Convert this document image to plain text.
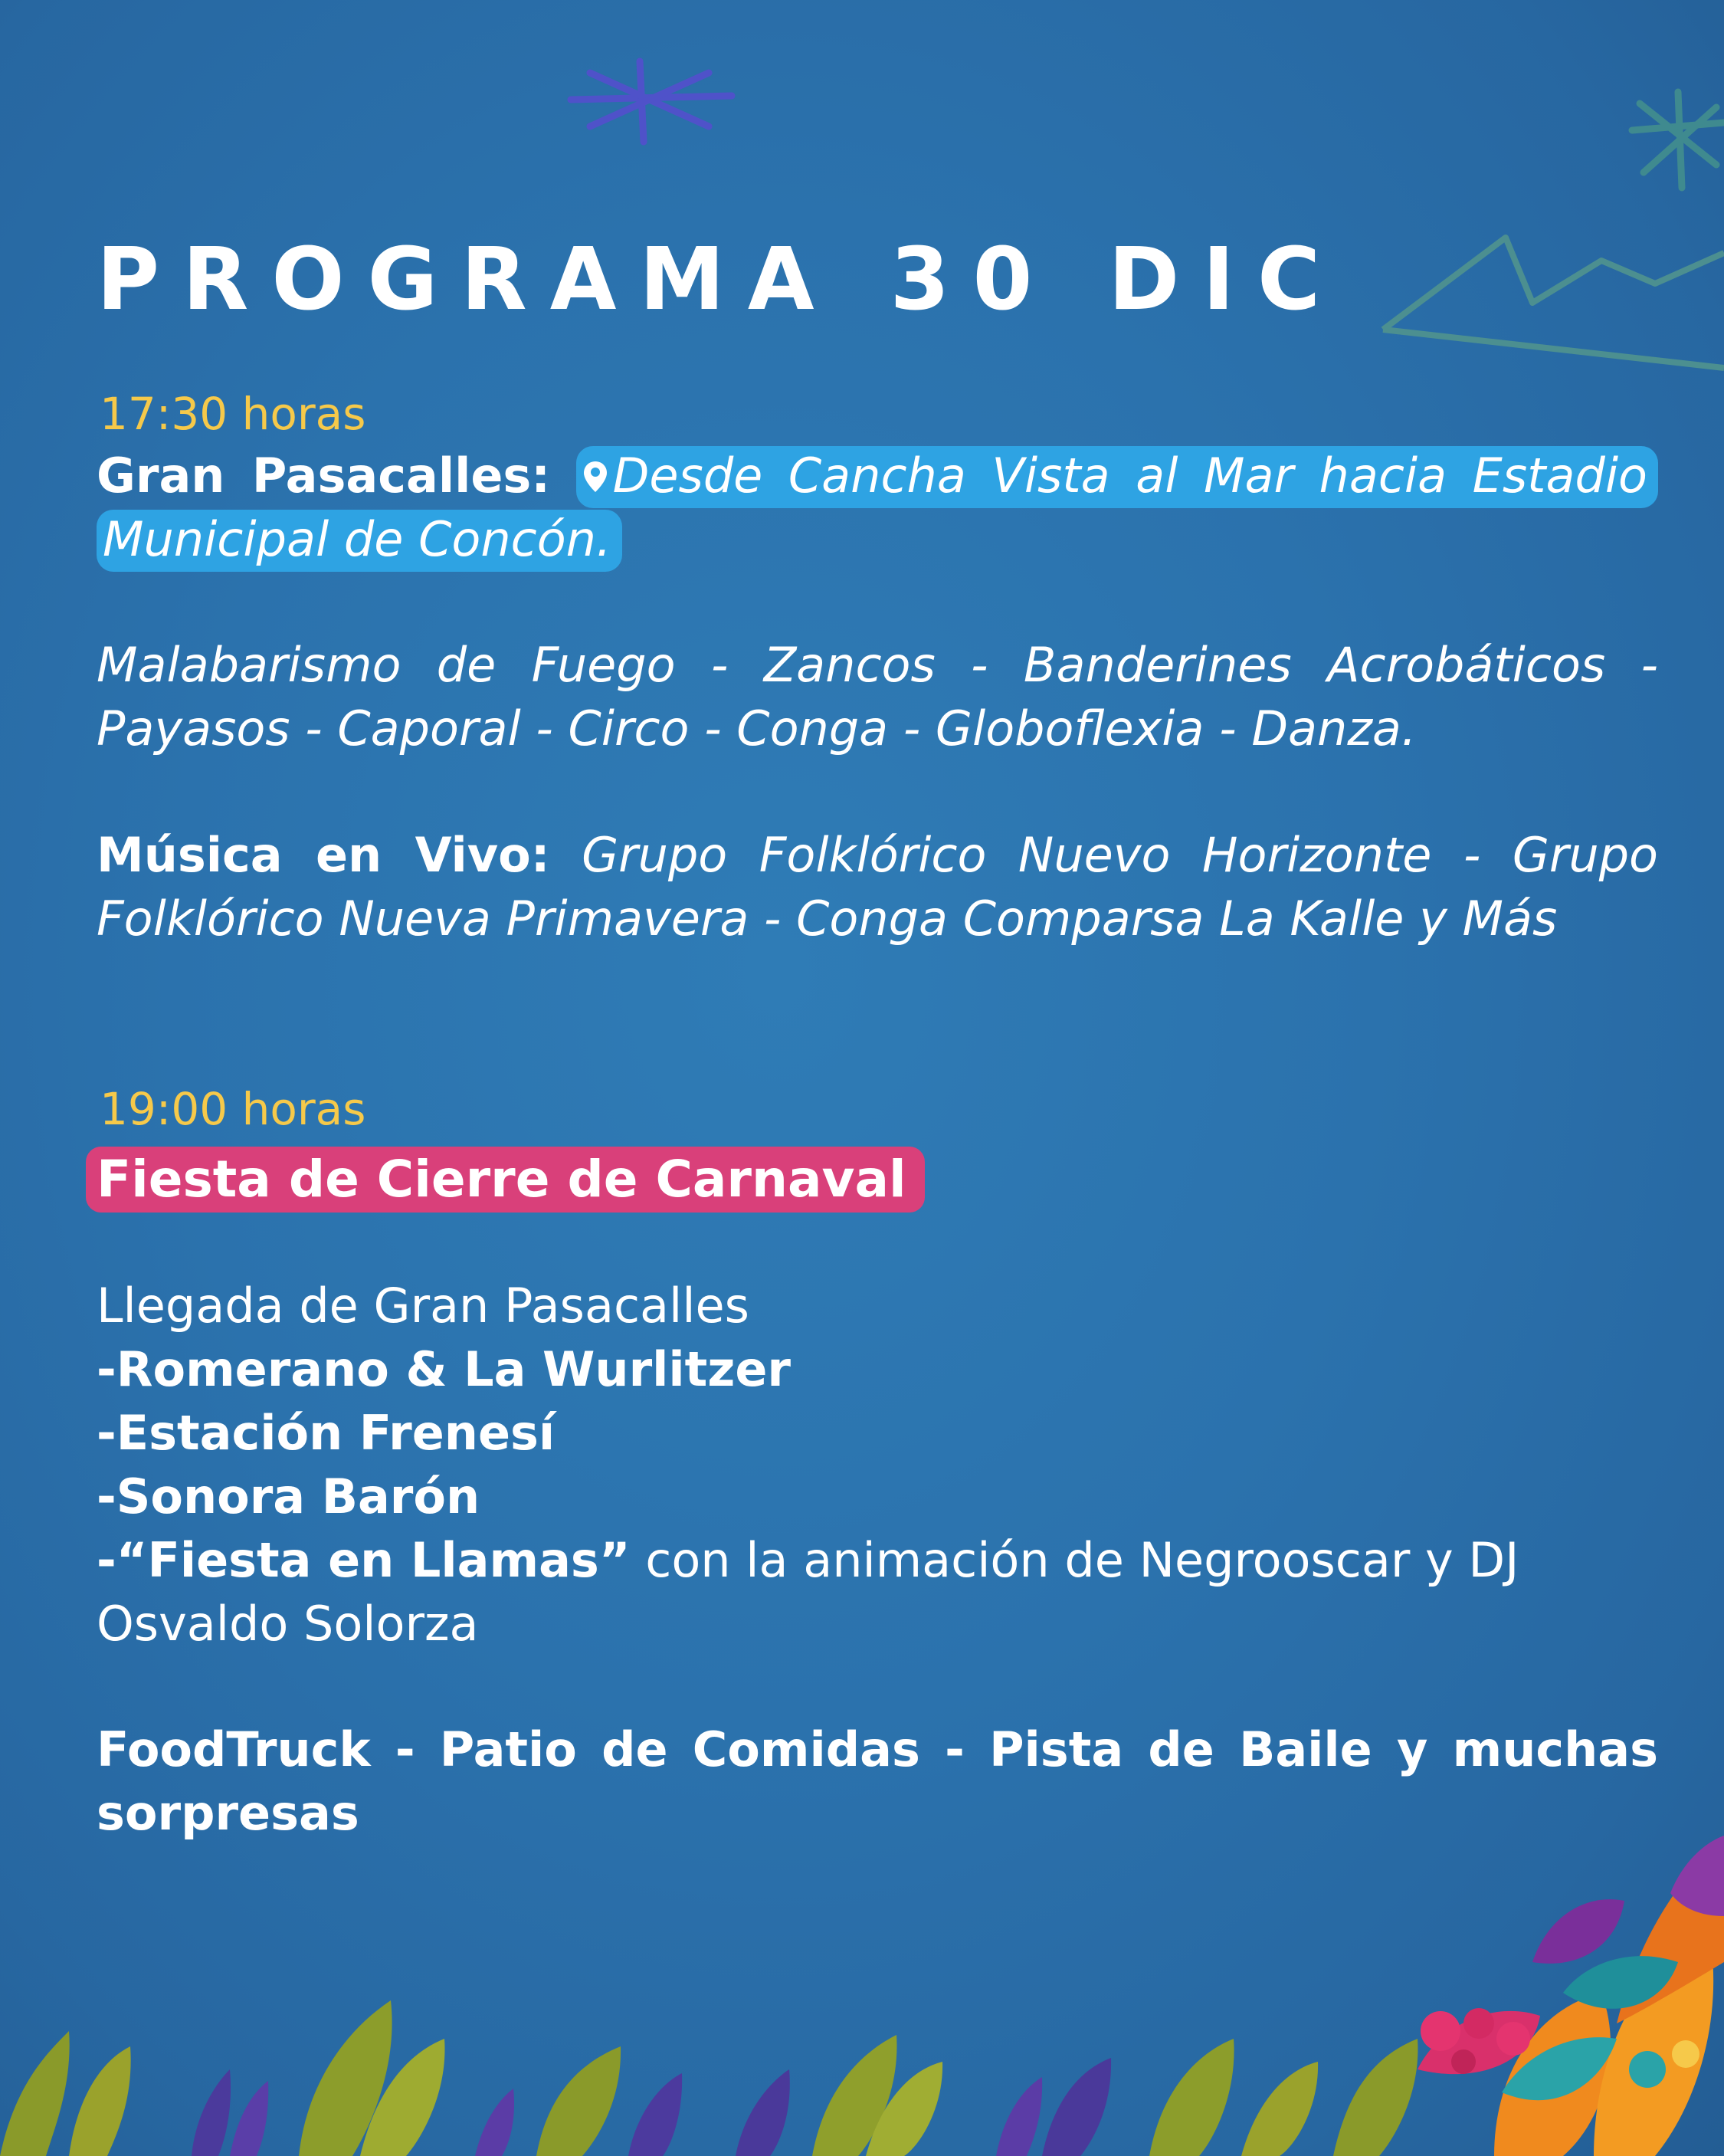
PROGRAMA 30 DIC
17:30 horas

Gran Pasacalles: Desde Cancha Vista al Mar hacia Estadio Municipal de Concón.

Malabarismo de Fuego - Zancos - Banderines Acrobáticos - Payasos - Caporal - Circo - Conga - Globoflexia - Danza.

Música en Vivo: Grupo Folklórico Nuevo Horizonte - Grupo Folklórico Nueva Primavera - Conga Comparsa La Kalle y Más

19:00 horas
Fiesta de Cierre de Carnaval
Llegada de Gran Pasacalles
-Romerano & La Wurlitzer
-Estación Frenesí
-Sonora Barón
-“Fiesta en Llamas” con la animación de Negrooscar y DJ Osvaldo Solorza

FoodTruck - Patio de Comidas - Pista de Baile y muchas sorpresas
